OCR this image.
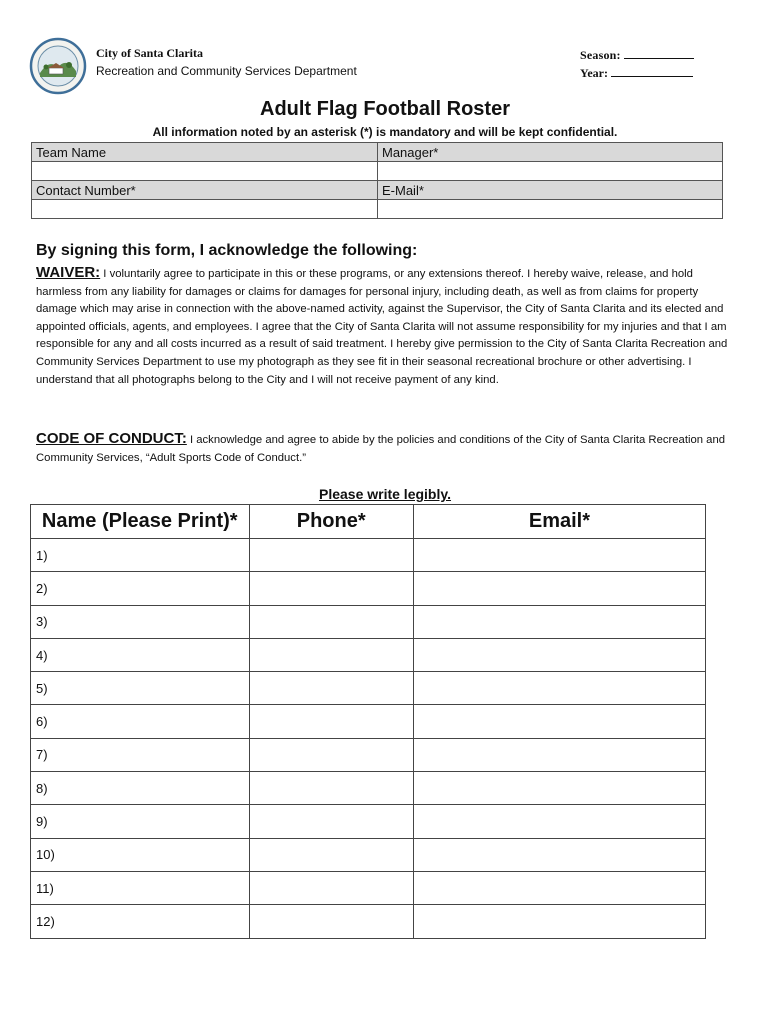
City of Santa Clarita
Recreation and Community Services Department
Season:
Year:
Adult Flag Football Roster
All information noted by an asterisk (*) is mandatory and will be kept confidential.
Team Name	Manager*

Contact Number*	E-Mail*

By signing this form, I acknowledge the following:
WAIVER: I voluntarily agree to participate in this or these programs, or any extensions thereof. I hereby waive, release, and hold harmless from any liability for damages or claims for damages for personal injury, including death, as well as from claims for property damage which may arise in connection with the above-named activity, against the Supervisor, the City of Santa Clarita and its elected and appointed officials, agents, and employees. I agree that the City of Santa Clarita will not assume responsibility for my injuries and that I am responsible for any and all costs incurred as a result of said treatment. I hereby give permission to the City of Santa Clarita Recreation and Community Services Department to use my photograph as they see fit in their seasonal recreational brochure or other advertising. I understand that all photographs belong to the City and I will not receive payment of any kind.
CODE OF CONDUCT: I acknowledge and agree to abide by the policies and conditions of the City of Santa Clarita Recreation and Community Services, “Adult Sports Code of Conduct.”
Please write legibly.
Name (Please Print)*	Phone*	Email*
1)		
2)		
3)		
4)		
5)		
6)		
7)		
8)		
9)		
10)		
11)		
12)		
